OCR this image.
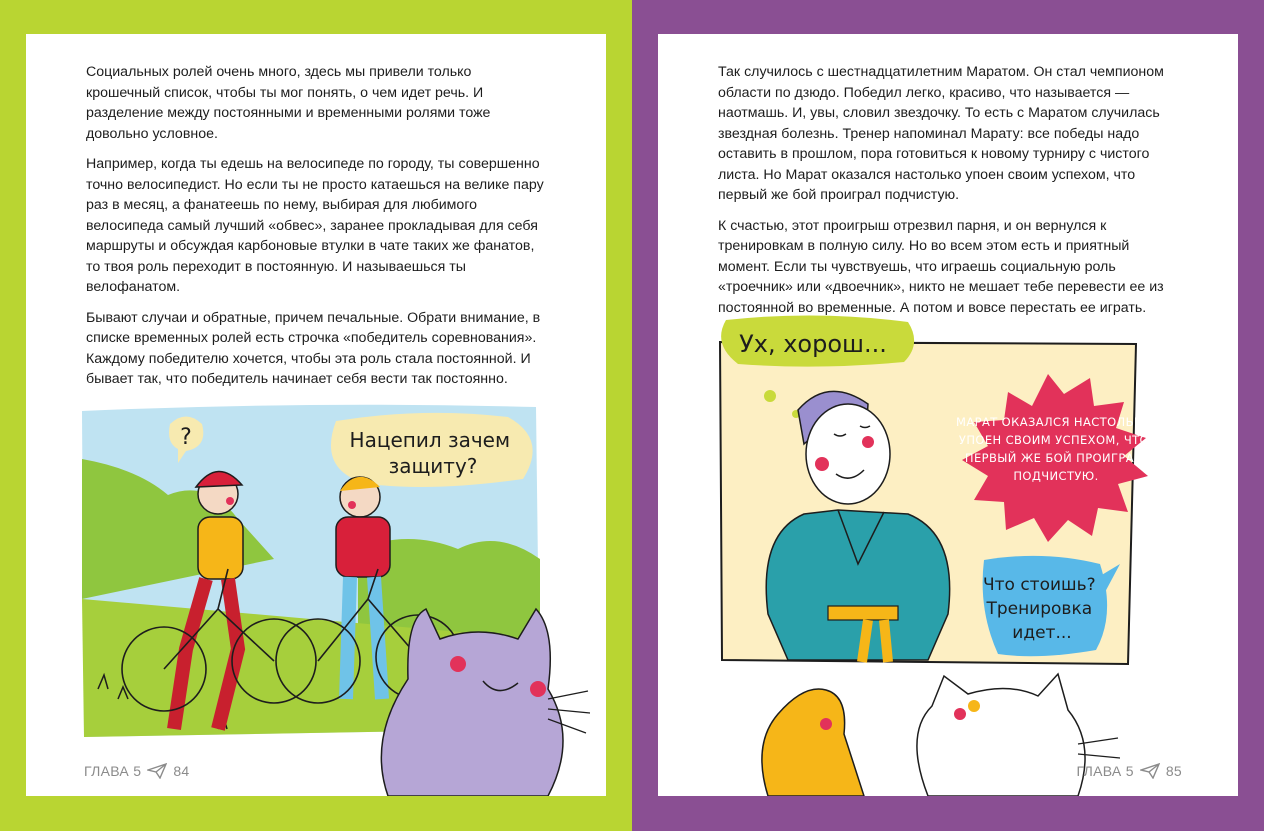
Социальных ролей очень много, здесь мы привели только крошечный список, чтобы ты мог понять, о чем идет речь. И разделение между постоянными и временными ролями тоже довольно условное.

Например, когда ты едешь на велосипеде по городу, ты совершенно точно велосипедист. Но если ты не просто катаешься на велике пару раз в месяц, а фанатеешь по нему, выбирая для любимого велосипеда самый лучший «обвес», заранее прокладывая для себя маршруты и обсуждая карбоновые втулки в чате таких же фанатов, то твоя роль переходит в постоянную. И называешься ты велофанатом.

Бывают случаи и обратные, причем печальные. Обрати внимание, в списке временных ролей есть строчка «победитель соревнования». Каждому победителю хочется, чтобы эта роль стала постоянной. И бывает так, что победитель начинает себя вести так постоянно.

?	Нацепил зачем защиту?
ГЛАВА 5 84

Так случилось с шестнадцатилетним Маратом. Он стал чемпионом области по дзюдо. Победил легко, красиво, что называется — наотмашь. И, увы, словил звездочку. То есть с Маратом случилась звездная болезнь. Тренер напоминал Марату: все победы надо оставить в прошлом, пора готовиться к новому турниру с чистого листа. Но Марат оказался настолько упоен своим успехом, что первый же бой проиграл подчистую.

К счастью, этот проигрыш отрезвил парня, и он вернулся к тренировкам в полную силу. Но во всем этом есть и приятный момент. Если ты чувствуешь, что играешь социальную роль «троечник» или «двоечник», никто не мешает тебе перевести ее из постоянной во временные. А потом и вовсе перестать ее играть.

Ух, хорош...
МАРАТ ОКАЗАЛСЯ НАСТОЛЬКО УПОЕН СВОИМ УСПЕХОМ, ЧТО ПЕРВЫЙ ЖЕ БОЙ ПРОИГРАЛ ПОДЧИСТУЮ.
Что стоишь? Тренировка идет...
ГЛАВА 5 85
